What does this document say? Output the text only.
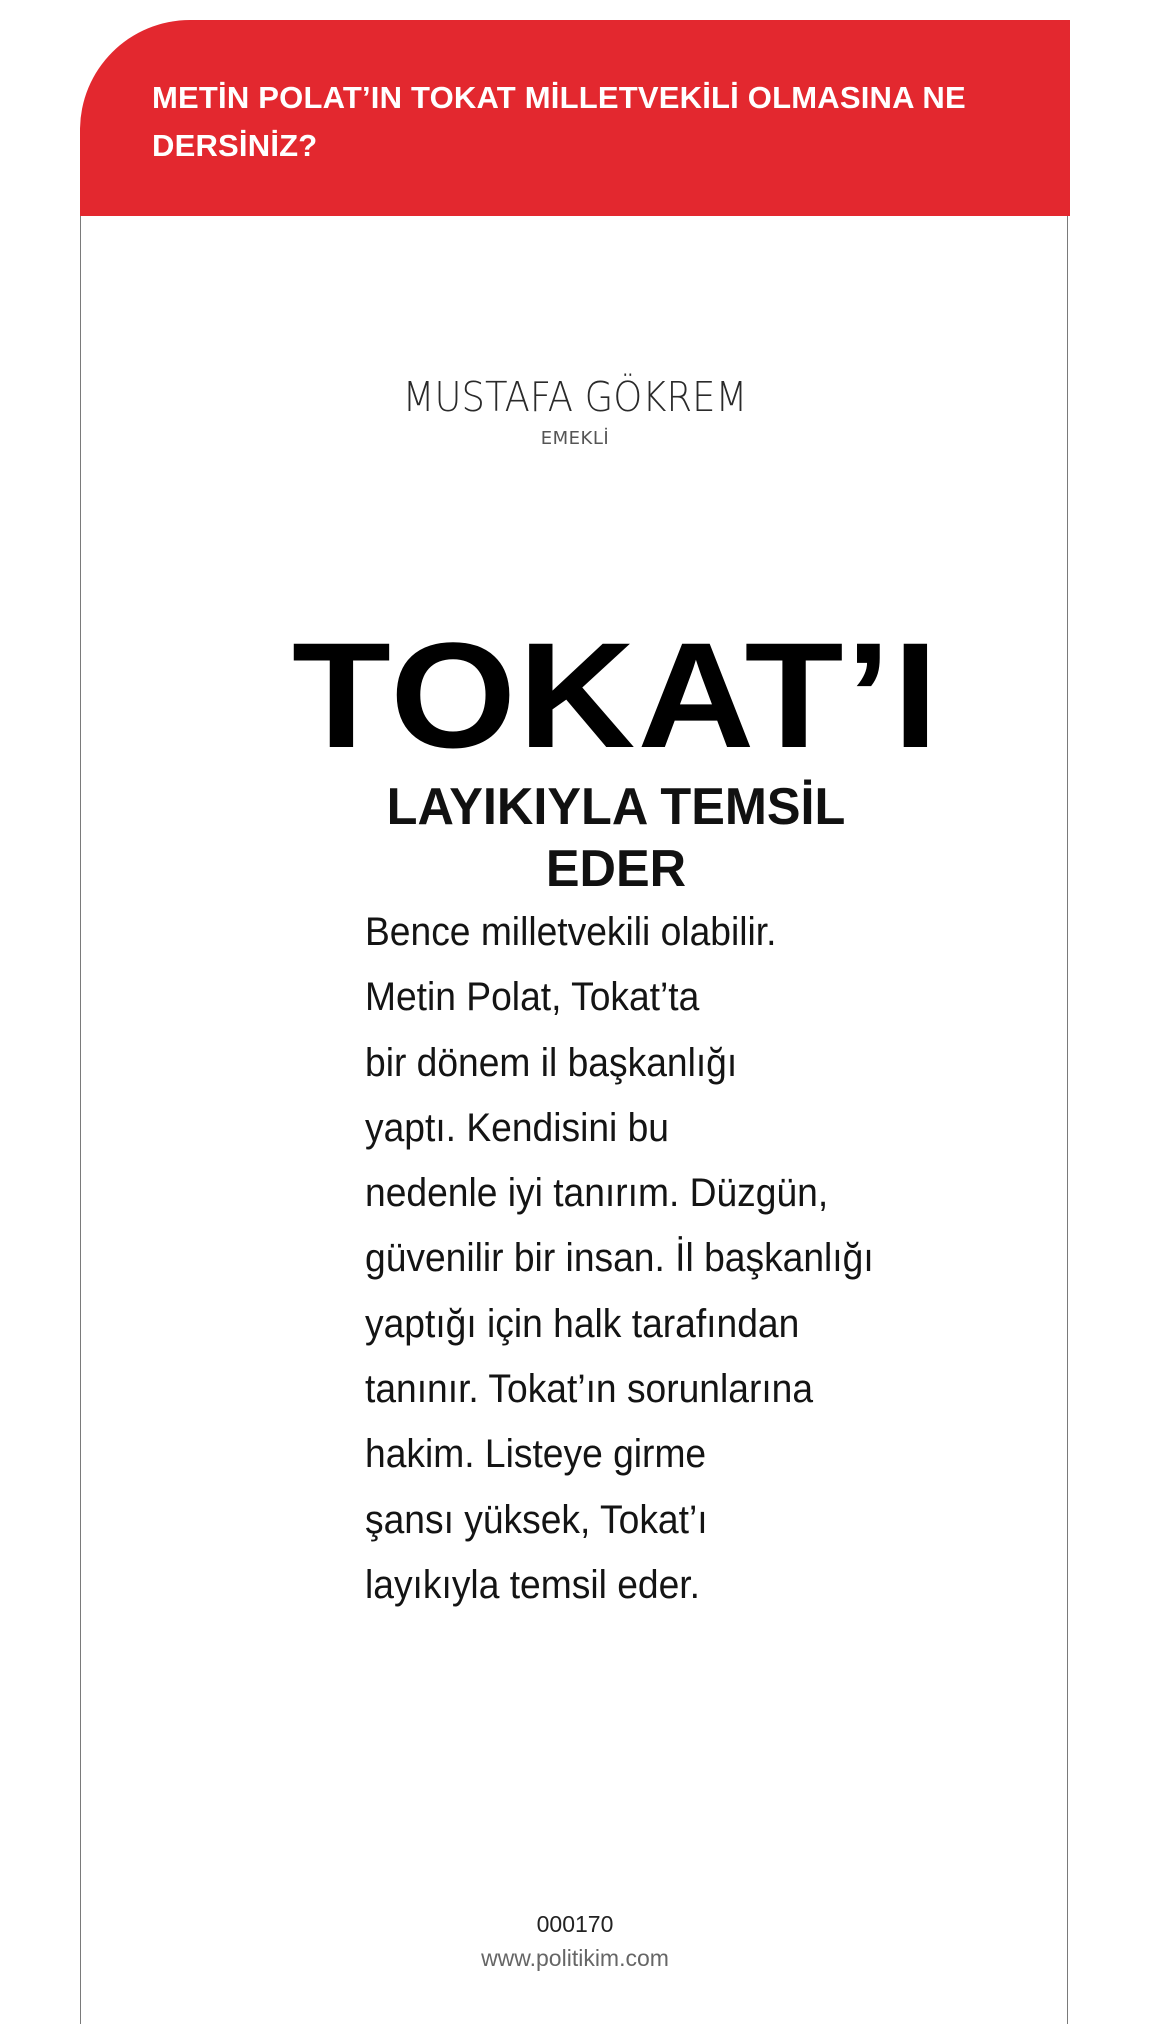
METİN POLAT’IN TOKAT MİLLETVEKİLİ OLMASINA NE DERSİNİZ?

MUSTAFA GÖKREM
EMEKLİ
TOKAT’I
LAYIKIYLA TEMSİL EDER
Bence milletvekili olabilir.
Metin Polat, Tokat’ta
bir dönem il başkanlığı
yaptı. Kendisini bu
nedenle iyi tanırım. Düzgün,
güvenilir bir insan. İl başkanlığı
yaptığı için halk tarafından
tanınır. Tokat’ın sorunlarına
hakim. Listeye girme
şansı yüksek, Tokat’ı
layıkıyla temsil eder.
000170
www.politikim.com
